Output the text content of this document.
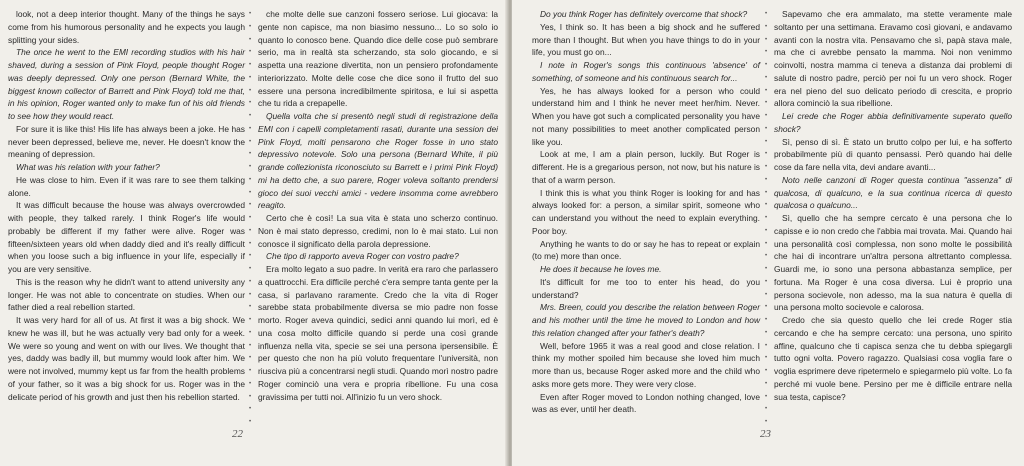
look, not a deep interior thought. Many of the things he says come from his humorous personality and he expects you laugh splitting your sides.

The once he went to the EMI recording studios with his hair shaved, during a session of Pink Floyd, people thought Roger was deeply depressed. Only one person (Bernard White, the biggest known collector of Barrett and Pink Floyd) told me that, in his opinion, Roger wanted only to make fun of his old friends to see how they would react.

For sure it is like this! His life has always been a joke. He has never been depressed, believe me, never. He doesn't know the meaning of depression.

What was his relation with your father?

He was close to him. Even if it was rare to see them talking alone.

It was difficult because the house was always overcrowded with people, they talked rarely. I think Roger's life would probably be different if my father were alive. Roger was fifteen/sixteen years old when daddy died and it's really difficult when you loose such a big influence in your life, especially if you are very sensitive.

This is the reason why he didn't want to attend university any longer. He was not able to concentrate on studies. When our father died a real rebellion started.

It was very hard for all of us. At first it was a big shock. We knew he was ill, but he was actually very bad only for a week. We were so young and went on with our lives. We thought that yes, daddy was badly ill, but mummy would look after him. We were not involved, mummy kept us far from the health problems of your father, so it was a big shock for us. Roger was in the delicate period of his growth and just then his rebellion started.

•
•
•
•
•
•
•
•
•
•
•
•
•
•
•
•
•
•
•
•
•
•
•
•
•
•
•
•
•
•
•
•
•

che molte delle sue canzoni fossero seriose. Lui giocava: la gente non capisce, ma non biasimo nessuno... Lo so solo io quanto lo conosco bene. Quando dice delle cose può sembrare serio, ma in realtà sta scherzando, sta solo giocando, e si aspetta una reazione divertita, non un pensiero profondamente interiorizzato. Molte delle cose che dice sono il frutto del suo essere una persona incredibilmente spiritosa, e lui si aspetta che tu rida a crepapelle.

Quella volta che si presentò negli studi di registrazione della EMI con i capelli completamenti rasati, durante una session dei Pink Floyd, molti pensarono che Roger fosse in uno stato depressivo notevole. Solo una persona (Bernard White, il più grande collezionista riconosciuto su Barrett e i primi Pink Floyd) mi ha detto che, a suo parere, Roger voleva soltanto prendersi gioco dei suoi vecchi amici - vedere insomma come avrebbero reagito.

Certo che è così! La sua vita è stata uno scherzo continuo. Non è mai stato depresso, credimi, non lo è mai stato. Lui non conosce il significato della parola depressione.

Che tipo di rapporto aveva Roger con vostro padre?

Era molto legato a suo padre. In verità era raro che parlassero a quattrocchi. Era difficile perché c'era sempre tanta gente per la casa, si parlavano raramente. Credo che la vita di Roger sarebbe stata probabilmente diversa se mio padre non fosse morto. Roger aveva quindici, sedici anni quando lui morì, ed è una cosa molto difficile quando si perde una così grande influenza nella vita, specie se sei una persona ipersensibile. È per questo che non ha più voluto frequentare l'università, non riusciva più a concentrarsi negli studi. Quando morì nostro padre Roger cominciò una vera e propria ribellione. Fu una cosa gravissima per tutti noi. All'inizio fu un vero shock.

22

Do you think Roger has definitely overcome that shock?

Yes, I think so. It has been a big shock and he suffered more than I thought. But when you have things to do in your life, you must go on...

I note in Roger's songs this continuous 'absence' of something, of someone and his continuous search for...

Yes, he has always looked for a person who could understand him and I think he never meet her/him. Never. When you have got such a complicated personality you have not many possibilities to meet another complicated person like you.

Look at me, I am a plain person, luckily. But Roger is different. He is a gregarious person, not now, but his nature is that of a warm person.

I think this is what you think Roger is looking for and has always looked for: a person, a similar spirit, someone who can understand you without the need to explain everything. Poor boy.

Anything he wants to do or say he has to repeat or explain (to me) more than once.

He does it because he loves me.

It's difficult for me too to enter his head, do you understand?

Mrs. Breen, could you describe the relation between Roger and his mother until the time he moved to London and how this relation changed after your father's death?

Well, before 1965 it was a real good and close relation. I think my mother spoiled him because she loved him much more than us, because Roger asked more and the child who asks more gets more. They were very close.

Even after Roger moved to London nothing changed, love was as ever, until her death.

•
•
•
•
•
•
•
•
•
•
•
•
•
•
•
•
•
•
•
•
•
•
•
•
•
•
•
•
•
•
•
•
•

Sapevamo che era ammalato, ma stette veramente male soltanto per una settimana. Eravamo così giovani, e andavamo avanti con la nostra vita. Pensavamo che sì, papà stava male, ma che ci avrebbe pensato la mamma. Noi non venimmo coinvolti, nostra mamma ci teneva a distanza dai problemi di salute di nostro padre, perciò per noi fu un vero shock. Roger era nel pieno del suo delicato periodo di crescita, e proprio allora cominciò la sua ribellione.

Lei crede che Roger abbia definitivamente superato quello shock?

Sì, penso di sì. È stato un brutto colpo per lui, e ha sofferto probabilmente più di quanto pensassi. Però quando hai delle cose da fare nella vita, devi andare avanti...

Noto nelle canzoni di Roger questa continua "assenza" di qualcosa, di qualcuno, e la sua continua ricerca di questo qualcosa o qualcuno...

Sì, quello che ha sempre cercato è una persona che lo capisse e io non credo che l'abbia mai trovata. Mai. Quando hai una personalità così complessa, non sono molte le possibilità che hai di incontrare un'altra persona altrettanto complessa. Guardi me, io sono una persona abbastanza semplice, per fortuna. Ma Roger è una cosa diversa. Lui è proprio una persona socievole, non adesso, ma la sua natura è quella di una persona molto socievole e calorosa.

Credo che sia questo quello che lei crede Roger stia cercando e che ha sempre cercato: una persona, uno spirito affine, qualcuno che ti capisca senza che tu debba spiegargli tutto ogni volta. Povero ragazzo. Qualsiasi cosa voglia fare o voglia esprimere deve ripetermelo e spiegarmelo più volte. Lo fa perché mi vuole bene. Persino per me è difficile entrare nella sua testa, capisce?

23
